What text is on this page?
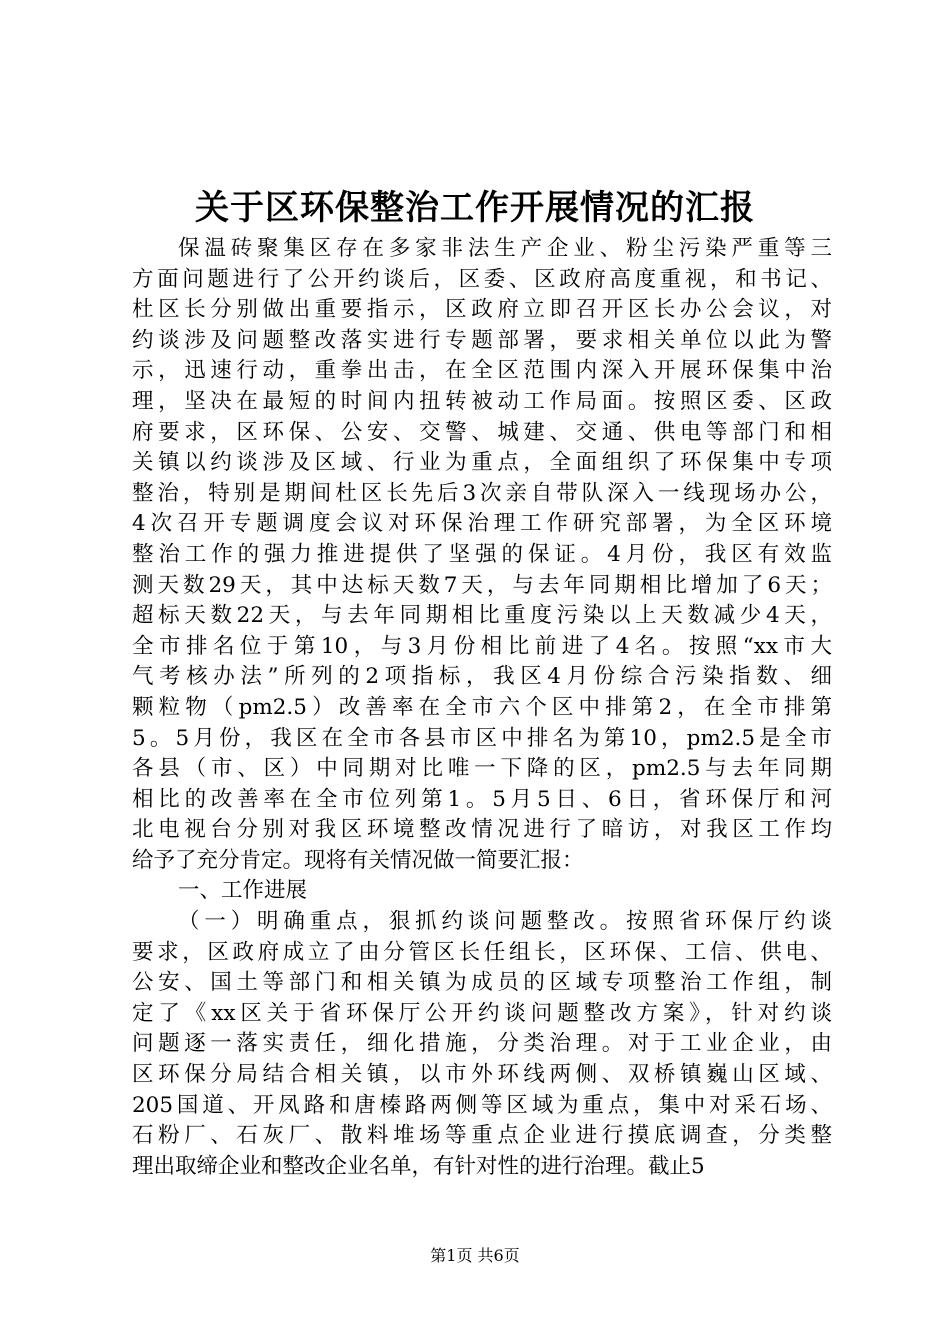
关于区环保整治工作开展情况的汇报
保温砖聚集区存在多家非法生产企业、粉尘污染严重等三
方面问题进行了公开约谈后，区委、区政府高度重视，和书记、
杜区长分别做出重要指示，区政府立即召开区长办公会议，对
约谈涉及问题整改落实进行专题部署，要求相关单位以此为警
示，迅速行动，重拳出击，在全区范围内深入开展环保集中治
理，坚决在最短的时间内扭转被动工作局面。按照区委、区政
府要求，区环保、公安、交警、城建、交通、供电等部门和相
关镇以约谈涉及区域、行业为重点，全面组织了环保集中专项
整治，特别是期间杜区长先后3次亲自带队深入一线现场办公，
4次召开专题调度会议对环保治理工作研究部署，为全区环境
整治工作的强力推进提供了坚强的保证。4月份，我区有效监
测天数29天，其中达标天数7天，与去年同期相比增加了6天；
超标天数22天，与去年同期相比重度污染以上天数减少4天，
全市排名位于第10，与3月份相比前进了4名。按照“xx市大
气考核办法”所列的2项指标，我区4月份综合污染指数、细
颗粒物（pm2.5）改善率在全市六个区中排第2，在全市排第
5。5月份，我区在全市各县市区中排名为第10，pm2.5是全市
各县（市、区）中同期对比唯一下降的区，pm2.5与去年同期
相比的改善率在全市位列第1。5月5日、6日，省环保厅和河
北电视台分别对我区环境整改情况进行了暗访，对我区工作均
给予了充分肯定。现将有关情况做一简要汇报：
一、工作进展
（一）明确重点，狠抓约谈问题整改。按照省环保厅约谈
要求，区政府成立了由分管区长任组长，区环保、工信、供电、
公安、国土等部门和相关镇为成员的区域专项整治工作组，制
定了《xx区关于省环保厅公开约谈问题整改方案》，针对约谈
问题逐一落实责任，细化措施，分类治理。对于工业企业，由
区环保分局结合相关镇，以市外环线两侧、双桥镇巍山区域、
205国道、开凤路和唐榛路两侧等区域为重点，集中对采石场、
石粉厂、石灰厂、散料堆场等重点企业进行摸底调查，分类整
理出取缔企业和整改企业名单，有针对性的进行治理。截止5
第1页 共6页
